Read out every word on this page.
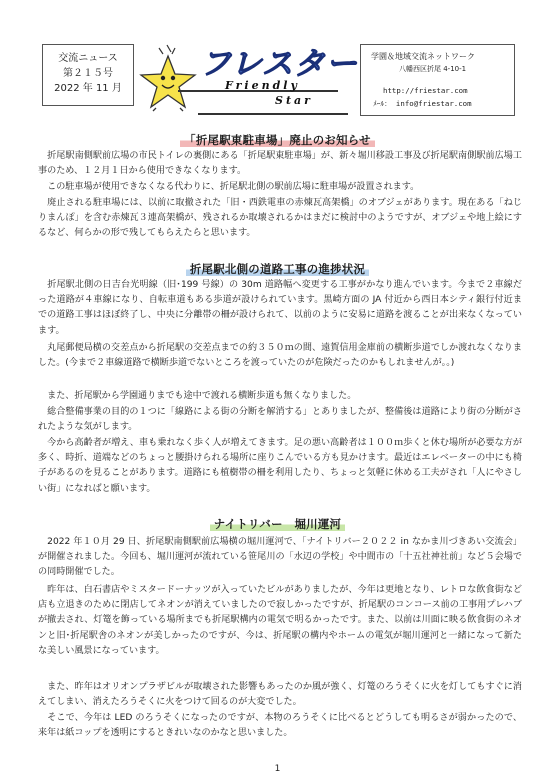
交流ニュース
第２１５号
2022 年 11 月
フレスター
Friendly
Star
学園＆地域交流ネットワーク
八幡西区折尾 4-10-1
http://friestar.com
ﾒｰﾙ： info@friestar.com
「折尾駅東駐車場」廃止のお知らせ

　折尾駅南側駅前広場の市民トイレの裏側にある「折尾駅東駐車場」が、新々堀川移設工事及び折尾駅南側駅前広場工事のため、１２月１日から使用できなくなります。

　この駐車場が使用できなくなる代わりに、折尾駅北側の駅前広場に駐車場が設置されます。

　廃止される駐車場には、以前に取撤された「旧・西鉄電車の赤煉瓦高架橋」のオブジェがあります。現在ある「ねじりまんぽ」を含む赤煉瓦３連高架橋が、残されるか取壊されるかはまだに検討中のようですが、オブジェや地上絵にするなど、何らかの形で残してもらえたらと思います。

折尾駅北側の道路工事の進捗状況

　折尾駅北側の日吉台光明線（旧･199 号線）の 30m 道路幅へ変更する工事がかなり進んでいます。今まで２車線だった道路が４車線になり、自転車道もある歩道が設けられています。黒崎方面の JA 付近から西日本シティ銀行付近までの道路工事はほぼ終了し、中央に分離帯の柵が設けられて、以前のように安易に道路を渡ることが出来なくなっています。

　丸尾郵便局横の交差点から折尾駅の交差点までの約３５０ｍの間、遠賀信用金庫前の横断歩道でしか渡れなくなりました。(今まで２車線道路で横断歩道でないところを渡っていたのが危険だったのかもしれませんが。。)

　また、折尾駅から学園通りまでも途中で渡れる横断歩道も無くなりました。

　総合整備事業の目的の１つに「線路による街の分断を解消する」とありましたが、整備後は道路により街の分断がされたような気がします。

　今から高齢者が増え、車も乗れなく歩く人が増えてきます。足の悪い高齢者は１００ｍ歩くと休む場所が必要な方が多く、時折、道端などのちょっと腰掛けられる場所に座りこんでいる方も見かけます。最近はエレベーターの中にも椅子があるのを見ることがあります。道路にも植樹帯の柵を利用したり、ちょっと気軽に休める工夫がされ「人にやさしい街」になればと願います。

ナイトリバー　堀川運河

　2022 年１０月 29 日、折尾駅南側駅前広場横の堀川運河で、「ナイトリバー２０２２ in なかま川づきあい交流会」が開催されました。今回も、堀川運河が流れている笹尾川の「水辺の学校」や中間市の「十五社神社前」など５会場での同時開催でした。

　昨年は、白石書店やミスタードーナッツが入っていたビルがありましたが、今年は更地となり、レトロな飲食街など店も立退きのために閉店してネオンが消えていましたので寂しかったですが、折尾駅のコンコース前の工事用プレハブが撤去され、灯篭を飾っている場所までも折尾駅構内の電気で明るかったです。また、以前は川面に映る飲食街のネオンと旧･折尾駅舎のネオンが美しかったのですが、今は、折尾駅の構内やホームの電気が堀川運河と一緒になって新たな美しい風景になっています。

　また、昨年はオリオンプラザビルが取壊された影響もあったのか風が強く、灯篭のろうそくに火を灯してもすぐに消えてしまい、消えたろうそくに火をつけて回るのが大変でした。

　そこで、今年は LED のろうそくになったのですが、本物のろうそくに比べるとどうしても明るさが弱かったので、来年は紙コップを透明にするときれいなのかなと思いました。

1
